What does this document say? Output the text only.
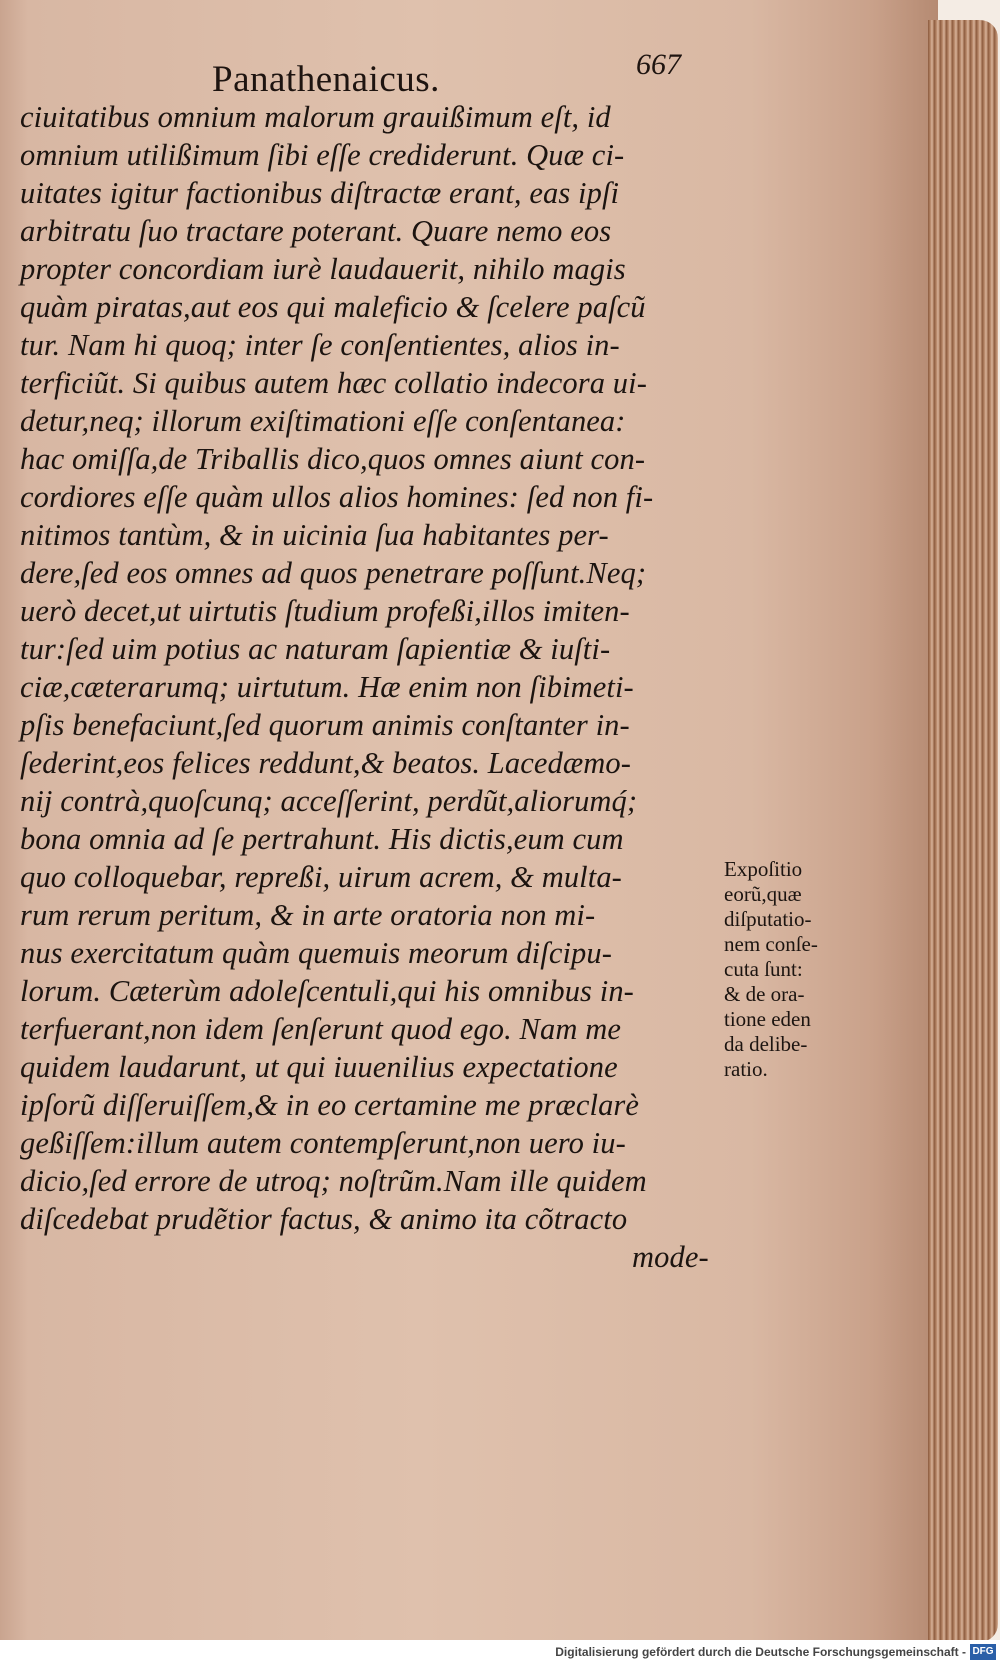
Panathenaicus.	667
ciuitatibus omnium malorum grauißimum eſt, id
omnium utilißimum ſibi eſſe crediderunt. Quæ ci-
uitates igitur factionibus diſtractæ erant, eas ipſi
arbitratu ſuo tractare poterant. Quare nemo eos
propter concordiam iurè laudauerit, nihilo magis
quàm piratas,aut eos qui maleficio & ſcelere paſcũ
tur. Nam hi quoq; inter ſe conſentientes, alios in-
terficiũt. Si quibus autem hæc collatio indecora ui-
detur,neq; illorum exiſtimationi eſſe conſentanea:
hac omiſſa,de Triballis dico,quos omnes aiunt con-
cordiores eſſe quàm ullos alios homines: ſed non fi-
nitimos tantùm, & in uicinia ſua habitantes per-
dere,ſed eos omnes ad quos penetrare poſſunt.Neq;
uerò decet,ut uirtutis ſtudium profeßi,illos imiten-
tur:ſed uim potius ac naturam ſapientiæ & iuſti-
ciæ,cæterarumq; uirtutum. Hæ enim non ſibimeti-
pſis benefaciunt,ſed quorum animis conſtanter in-
ſederint,eos felices reddunt,& beatos. Lacedæmo-
nij contrà,quoſcunq; acceſſerint, perdũt,aliorumq́;
bona omnia ad ſe pertrahunt. His dictis,eum cum
quo colloquebar, repreßi, uirum acrem, & multa-
rum rerum peritum, & in arte oratoria non mi-
nus exercitatum quàm quemuis meorum diſcipu-
lorum. Cæterùm adoleſcentuli,qui his omnibus in-
terfuerant,non idem ſenſerunt quod ego. Nam me
quidem laudarunt, ut qui iuuenilius expectatione
ipſorũ diſſeruiſſem,& in eo certamine me præclarè
geßiſſem:illum autem contempſerunt,non uero iu-
dicio,ſed errore de utroq; noſtrũm.Nam ille quidem
diſcedebat prudẽtior factus, & animo ita cõtracto
mode-
Expoſitio
eorũ,quæ
diſputatio-
nem conſe-
cuta ſunt:
& de ora-
tione eden
da delibe-
ratio.
Digitalisierung gefördert durch die Deutsche Forschungsgemeinschaft - DFG
